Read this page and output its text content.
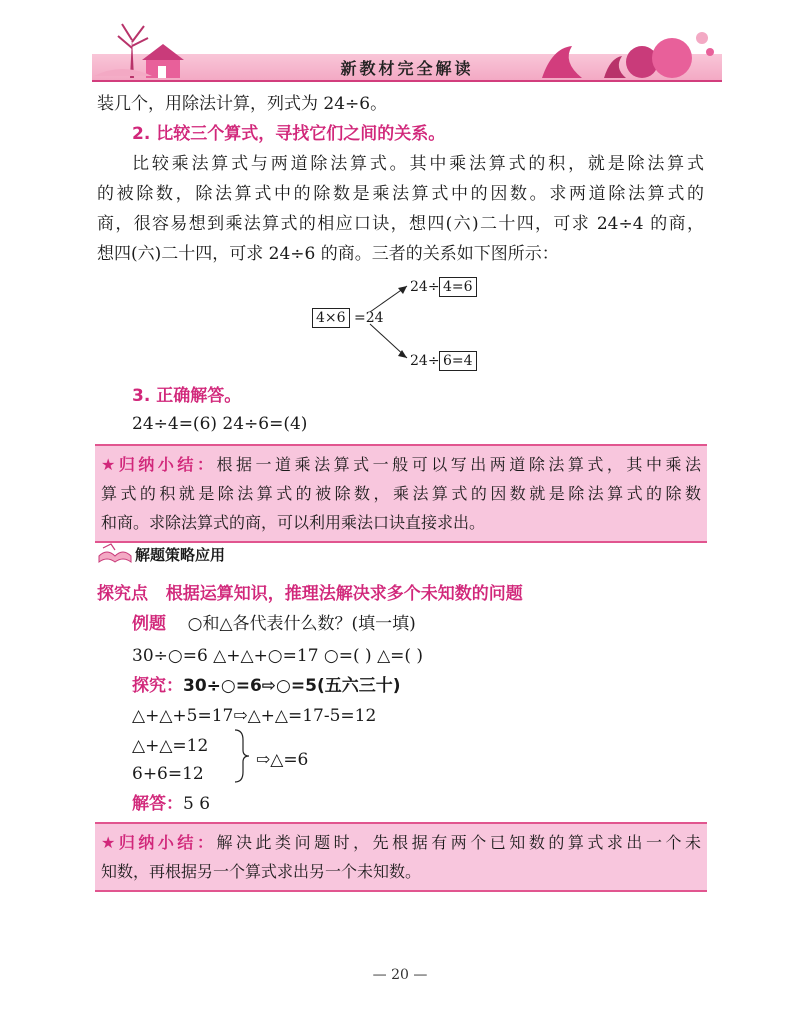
新教材完全解读
装几个，用除法计算，列式为 24÷6。
2. 比较三个算式，寻找它们之间的关系。
比较乘法算式与两道除法算式。其中乘法算式的积，就是除法算式
的被除数，除法算式中的除数是乘法算式中的因数。求两道除法算式的
商，很容易想到乘法算式的相应口诀，想四(六)二十四，可求 24÷4 的商，
想四(六)二十四，可求 24÷6 的商。三者的关系如下图所示：
4×6 =24
24÷ 4=6
24÷ 6=4
3. 正确解答。
24÷4=(6) 24÷6=(4)
★归纳小结：根据一道乘法算式一般可以写出两道除法算式，其中乘法
算式的积就是除法算式的被除数，乘法算式的因数就是除法算式的除数
和商。求除法算式的商，可以利用乘法口诀直接求出。
解题策略应用
探究点 根据运算知识，推理法解决求多个未知数的问题
例题 ○和△各代表什么数？(填一填)
30÷○=6 △+△+○=17 ○=( ) △=( )
探究：30÷○=6⇨○=5(五六三十)
△+△+5=17⇨△+△=17-5=12
△+△=12
6+6=12
⇨△=6
解答：5 6
★归纳小结：解决此类问题时，先根据有两个已知数的算式求出一个未
知数，再根据另一个算式求出另一个未知数。
— 20 —
